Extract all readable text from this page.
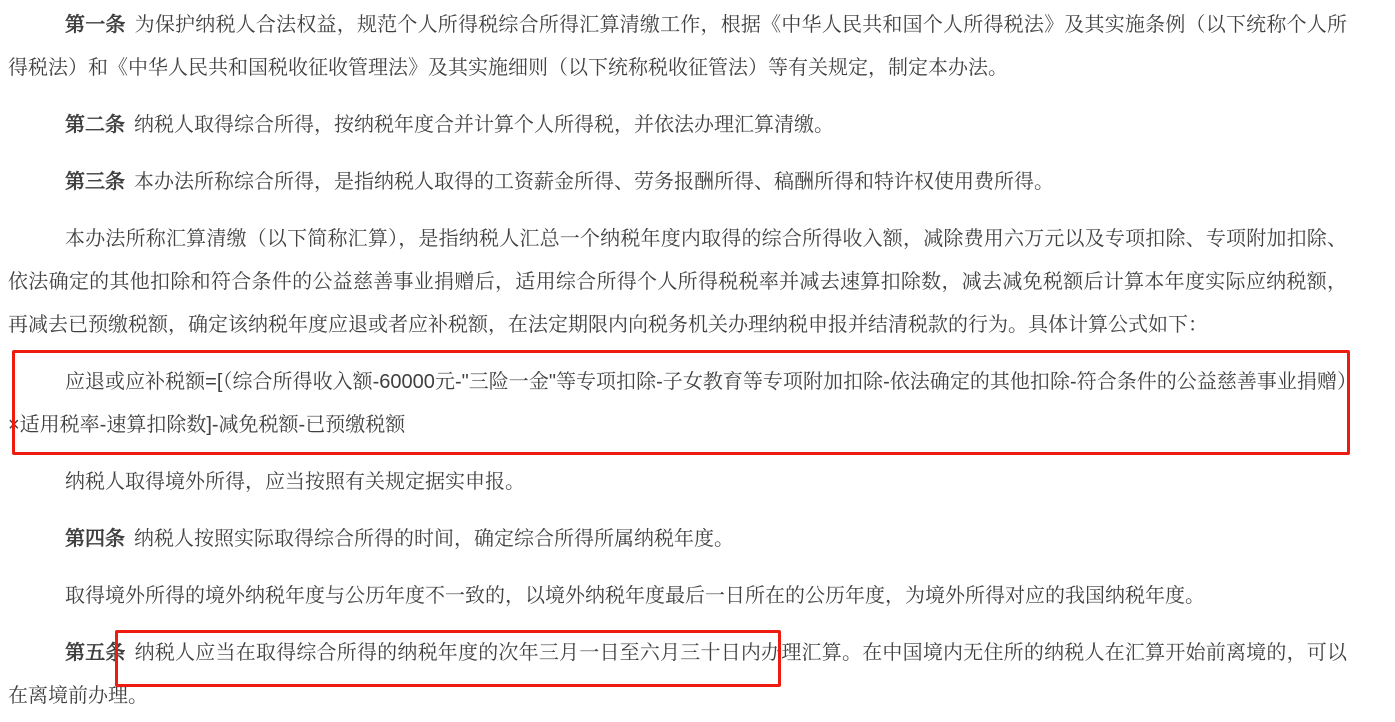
第一条 为保护纳税人合法权益，规范个人所得税综合所得汇算清缴工作，根据《中华人民共和国个人所得税法》及其实施条例（以下统称个人所得税法）和《中华人民共和国税收征收管理法》及其实施细则（以下统称税收征管法）等有关规定，制定本办法。

第二条 纳税人取得综合所得，按纳税年度合并计算个人所得税，并依法办理汇算清缴。

第三条 本办法所称综合所得，是指纳税人取得的工资薪金所得、劳务报酬所得、稿酬所得和特许权使用费所得。

本办法所称汇算清缴（以下简称汇算），是指纳税人汇总一个纳税年度内取得的综合所得收入额，减除费用六万元以及专项扣除、专项附加扣除、依法确定的其他扣除和符合条件的公益慈善事业捐赠后，适用综合所得个人所得税税率并减去速算扣除数，减去减免税额后计算本年度实际应纳税额，再减去已预缴税额，确定该纳税年度应退或者应补税额，在法定期限内向税务机关办理纳税申报并结清税款的行为。具体计算公式如下：

应退或应补税额=[（综合所得收入额-60000元-"三险一金"等专项扣除-子女教育等专项附加扣除-依法确定的其他扣除-符合条件的公益慈善事业捐赠）×适用税率-速算扣除数]-减免税额-已预缴税额

纳税人取得境外所得，应当按照有关规定据实申报。

第四条 纳税人按照实际取得综合所得的时间，确定综合所得所属纳税年度。

取得境外所得的境外纳税年度与公历年度不一致的，以境外纳税年度最后一日所在的公历年度，为境外所得对应的我国纳税年度。

第五条 纳税人应当在取得综合所得的纳税年度的次年三月一日至六月三十日内办理汇算。在中国境内无住所的纳税人在汇算开始前离境的，可以在离境前办理。
